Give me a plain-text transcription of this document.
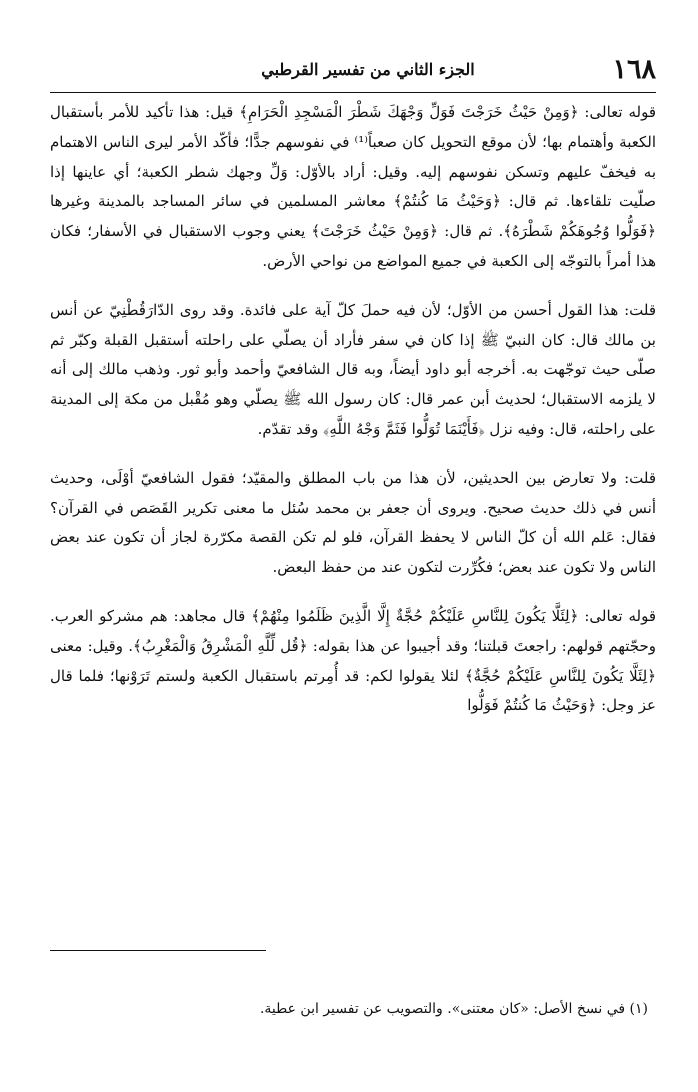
١٦٨
الجزء الثاني من تفسير القرطبي

قوله تعالى: ﴿وَمِنْ حَيْثُ خَرَجْتَ فَوَلِّ وَجْهَكَ شَطْرَ الْمَسْجِدِ الْحَرَامِ﴾ قيل: هذا تأكيد للأمر بأستقبال الكعبة وأهتمام بها؛ لأن موقع التحويل كان صعباً⁽¹⁾ في نفوسهم جدًّا؛ فأكّد الأمر ليرى الناس الاهتمام به فيخفّ عليهم وتسكن نفوسهم إليه. وقيل: أراد بالأوّل: وَلِّ وجهك شطر الكعبة؛ أي عاينها إذا صلّيت تلقاءها. ثم قال: ﴿وَحَيْثُ مَا كُنتُمْ﴾ معاشر المسلمين في سائر المساجد بالمدينة وغيرها ﴿فَوَلُّوا وُجُوهَكُمْ شَطْرَهُ﴾. ثم قال: ﴿وَمِنْ حَيْثُ خَرَجْتَ﴾ يعني وجوب الاستقبال في الأسفار؛ فكان هذا أمراً بالتوجّه إلى الكعبة في جميع المواضع من نواحي الأرض.

قلت: هذا القول أحسن من الأوّل؛ لأن فيه حملَ كلّ آية على فائدة. وقد روى الدّارَقُطْنِيّ عن أنس بن مالك قال: كان النبيّ ﷺ إذا كان في سفر فأراد أن يصلّي على راحلته أستقبل القبلة وكبّر ثم صلّى حيث توجّهت به. أخرجه أبو داود أيضاً، وبه قال الشافعيّ وأحمد وأبو ثور. وذهب مالك إلى أنه لا يلزمه الاستقبال؛ لحديث أبن عمر قال: كان رسول الله ﷺ يصلّي وهو مُقْبل من مكة إلى المدينة على راحلته، قال: وفيه نزل ﴿فَأَيْنَمَا تُوَلُّوا فَثَمَّ وَجْهُ اللَّهِ﴾ وقد تقدّم.

قلت: ولا تعارض بين الحديثين، لأن هذا من باب المطلق والمقيّد؛ فقول الشافعيّ أوْلَى، وحديث أنس في ذلك حديث صحيح. ويروى أن جعفر بن محمد سُئل ما معنى تكرير القَصَص في القرآن؟ فقال: عَلم الله أن كلّ الناس لا يحفظ القرآن، فلو لم تكن القصة مكرّرة لجاز أن تكون عند بعض الناس ولا تكون عند بعض؛ فكُرِّرت لتكون عند من حفظ البعض.

قوله تعالى: ﴿لِئَلَّا يَكُونَ لِلنَّاسِ عَلَيْكُمْ حُجَّةٌ إِلَّا الَّذِينَ ظَلَمُوا مِنْهُمْ﴾ قال مجاهد: هم مشركو العرب. وحجّتهم قولهم: راجعتَ قبلتنا؛ وقد أجيبوا عن هذا بقوله: ﴿قُل لِّلَّهِ الْمَشْرِقُ وَالْمَغْرِبُ﴾. وقيل: معنى ﴿لِئَلَّا يَكُونَ لِلنَّاسِ عَلَيْكُمْ حُجَّةٌ﴾ لئلا يقولوا لكم: قد أُمِرتم باستقبال الكعبة ولستم تَرَوْنها؛ فلما قال عز وجل: ﴿وَحَيْثُ مَا كُنتُمْ فَوَلُّوا

(١) في نسخ الأصل: «كان معتنى». والتصويب عن تفسير ابن عطية.
